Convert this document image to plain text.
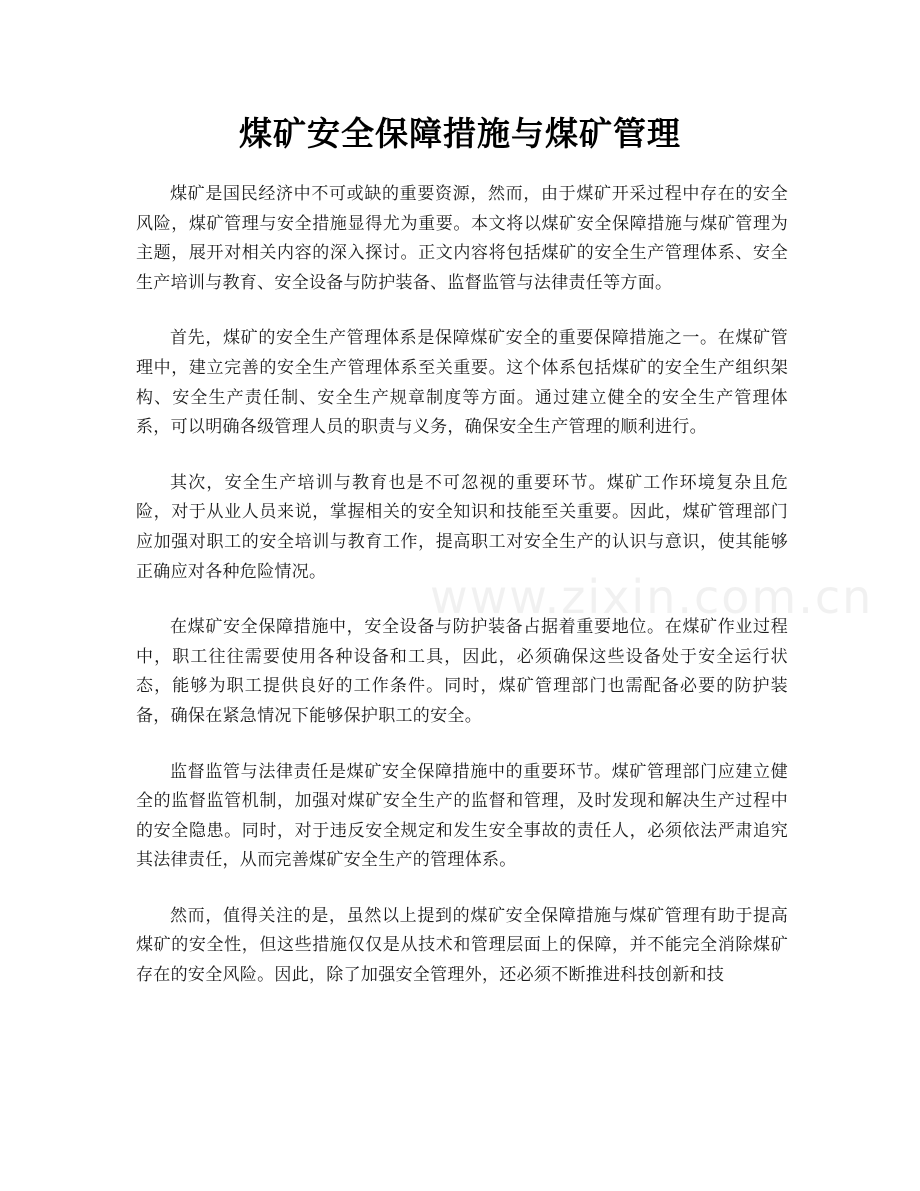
煤矿安全保障措施与煤矿管理
www.zixin.com.cn

煤矿是国民经济中不可或缺的重要资源，然而，由于煤矿开采过程中存在的安全风险，煤矿管理与安全措施显得尤为重要。本文将以煤矿安全保障措施与煤矿管理为主题，展开对相关内容的深入探讨。正文内容将包括煤矿的安全生产管理体系、安全生产培训与教育、安全设备与防护装备、监督监管与法律责任等方面。

首先，煤矿的安全生产管理体系是保障煤矿安全的重要保障措施之一。在煤矿管理中，建立完善的安全生产管理体系至关重要。这个体系包括煤矿的安全生产组织架构、安全生产责任制、安全生产规章制度等方面。通过建立健全的安全生产管理体系，可以明确各级管理人员的职责与义务，确保安全生产管理的顺利进行。

其次，安全生产培训与教育也是不可忽视的重要环节。煤矿工作环境复杂且危险，对于从业人员来说，掌握相关的安全知识和技能至关重要。因此，煤矿管理部门应加强对职工的安全培训与教育工作，提高职工对安全生产的认识与意识，使其能够正确应对各种危险情况。

在煤矿安全保障措施中，安全设备与防护装备占据着重要地位。在煤矿作业过程中，职工往往需要使用各种设备和工具，因此，必须确保这些设备处于安全运行状态，能够为职工提供良好的工作条件。同时，煤矿管理部门也需配备必要的防护装备，确保在紧急情况下能够保护职工的安全。

监督监管与法律责任是煤矿安全保障措施中的重要环节。煤矿管理部门应建立健全的监督监管机制，加强对煤矿安全生产的监督和管理，及时发现和解决生产过程中的安全隐患。同时，对于违反安全规定和发生安全事故的责任人，必须依法严肃追究其法律责任，从而完善煤矿安全生产的管理体系。

然而，值得关注的是，虽然以上提到的煤矿安全保障措施与煤矿管理有助于提高煤矿的安全性，但这些措施仅仅是从技术和管理层面上的保障，并不能完全消除煤矿存在的安全风险。因此，除了加强安全管理外，还必须不断推进科技创新和技
